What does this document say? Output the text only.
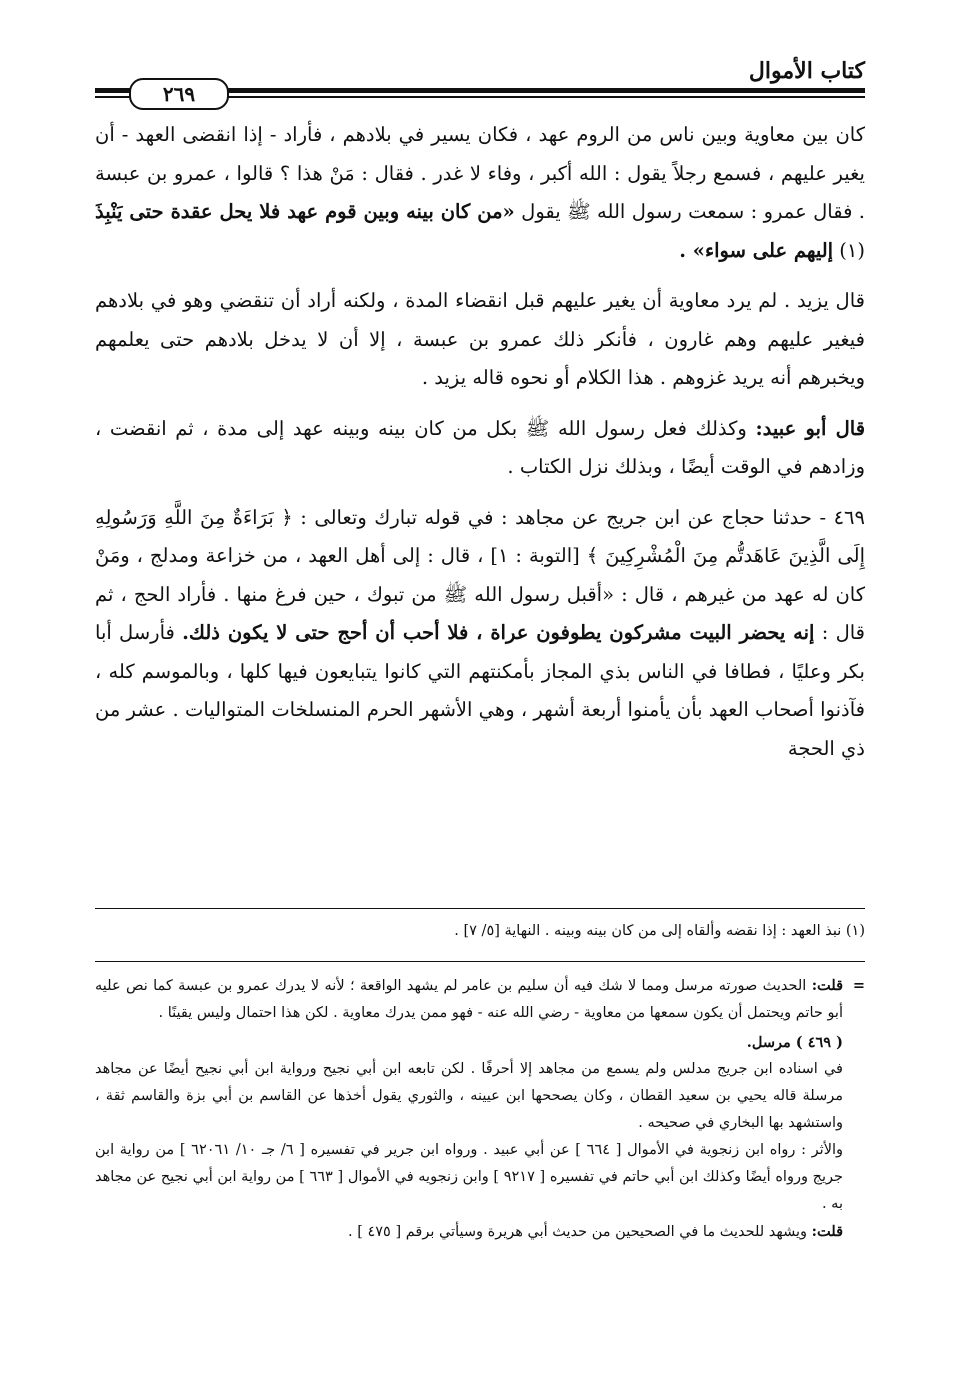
كتاب الأموال
٢٦٩

كان بين معاوية وبين ناس من الروم عهد ، فكان يسير في بلادهم ، فأراد - إذا انقضى العهد - أن يغير عليهم ، فسمع رجلاً يقول : الله أكبر ، وفاء لا غدر . فقال : مَنْ هذا ؟ قالوا ، عمرو بن عبسة . فقال عمرو : سمعت رسول الله ﷺ يقول «من كان بينه وبين قوم عهد فلا يحل عقدة حتى يَنْبِذَ (١) إليهم على سواء» .

قال يزيد . لم يرد معاوية أن يغير عليهم قبل انقضاء المدة ، ولكنه أراد أن تنقضي وهو في بلادهم فيغير عليهم وهم غارون ، فأنكر ذلك عمرو بن عبسة ، إلا أن لا يدخل بلادهم حتى يعلمهم ويخبرهم أنه يريد غزوهم . هذا الكلام أو نحوه قاله يزيد .

قال أبو عبيد: وكذلك فعل رسول الله ﷺ بكل من كان بينه وبينه عهد إلى مدة ، ثم انقضت ، وزادهم في الوقت أيضًا ، وبذلك نزل الكتاب .

٤٦٩ - حدثنا حجاج عن ابن جريج عن مجاهد : في قوله تبارك وتعالى : ﴿ بَرَاءَةٌ مِنَ اللَّهِ وَرَسُولِهِ إِلَى الَّذِينَ عَاهَدتُّم مِنَ الْمُشْرِكِينَ ﴾ [التوبة : ١] ، قال : إلى أهل العهد ، من خزاعة ومدلج ، ومَنْ كان له عهد من غيرهم ، قال : «أقبل رسول الله ﷺ من تبوك ، حين فرغ منها . فأراد الحج ، ثم قال : إنه يحضر البيت مشركون يطوفون عراة ، فلا أحب أن أحج حتى لا يكون ذلك. فأرسل أبا بكر وعليًا ، فطافا في الناس بذي المجاز بأمكنتهم التي كانوا يتبايعون فيها كلها ، وبالموسم كله ، فآذنوا أصحاب العهد بأن يأمنوا أربعة أشهر ، وهي الأشهر الحرم المنسلخات المتواليات . عشر من ذي الحجة

(١) نبذ العهد : إذا نقضه وألقاه إلى من كان بينه وبينه . النهاية [٥/ ٧] .

=

قلت: الحديث صورته مرسل ومما لا شك فيه أن سليم بن عامر لم يشهد الواقعة ؛ لأنه لا يدرك عمرو بن عبسة كما نص عليه أبو حاتم ويحتمل أن يكون سمعها من معاوية - رضي الله عنه - فهو ممن يدرك معاوية . لكن هذا احتمال وليس يقينًا .

( ٤٦٩ ) مرسل.

في اسناده ابن جريج مدلس ولم يسمع من مجاهد إلا أحرفًا . لكن تابعه ابن أبي نجيح ورواية ابن أبي نجيح أيضًا عن مجاهد مرسلة قاله يحيي بن سعيد القطان ، وكان يصححها ابن عيينه ، والثوري يقول أخذها عن القاسم بن أبي بزة والقاسم ثقة ، واستشهد بها البخاري في صحيحه .

والأثر : رواه ابن زنجوية في الأموال [ ٦٦٤ ] عن أبي عبيد . ورواه ابن جرير في تفسيره [ ٦/ جـ ١٠/ ٦٢٠٦١ ] من رواية ابن جريج ورواه أيضًا وكذلك ابن أبي حاتم في تفسيره [ ٩٢١٧ ] وابن زنجويه في الأموال [ ٦٦٣ ] من رواية ابن أبي نجيح عن مجاهد به .

قلت: ويشهد للحديث ما في الصحيحين من حديث أبي هريرة وسيأتي برقم [ ٤٧٥ ] .
